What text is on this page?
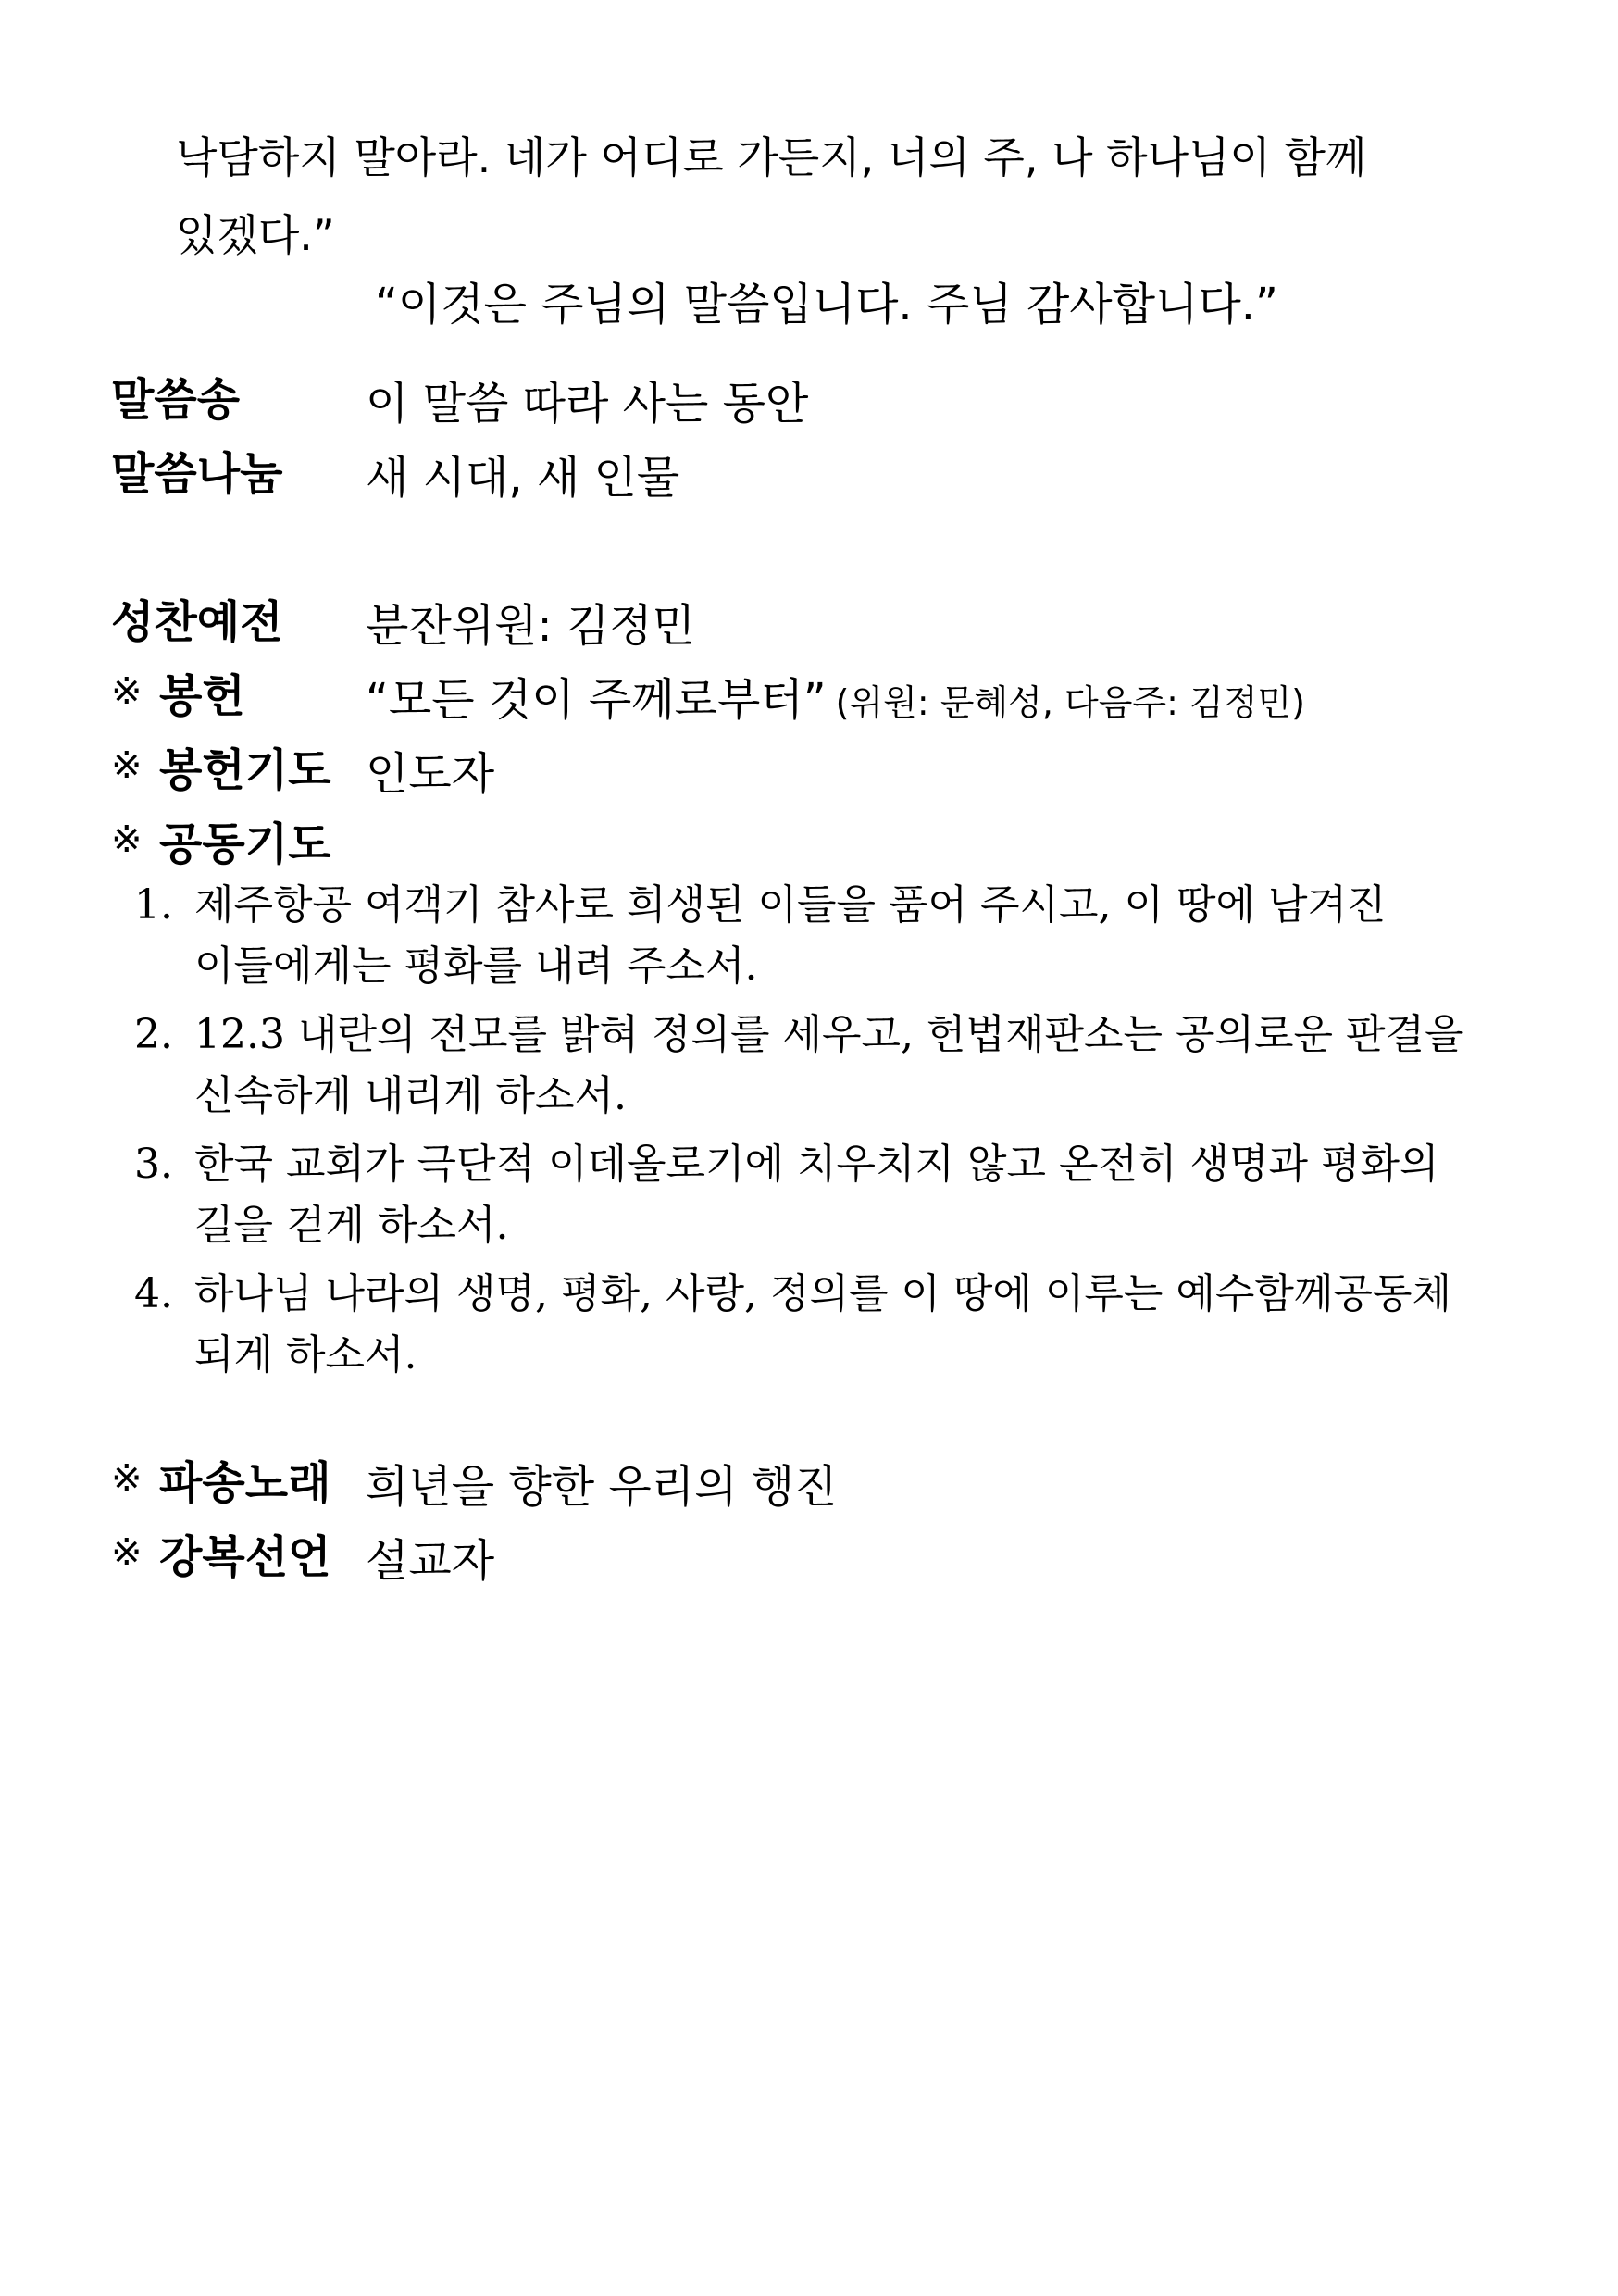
낙담하지 말아라. 네가 어디로 가든지, 너의 주, 나 하나님이 함께
있겠다.”
“이것은 주님의 말씀입니다. 주님 감사합니다.”
말씀송	이 말씀 따라 사는 동안
말씀나눔 새 시대, 새 인물
성찬예전 분잔위원: 김정민
※ 봉헌	“모든 것이 주께로부터” (위원: 문혜성, 다음주: 김정민)
※ 봉헌기도 인도자
※ 공동기도
1. 제주항공 여객기 참사로 희생된 이들을 품어 주시고, 이 땅에 남겨진
이들에게는 평화를 내려 주소서.
2. 12.3 내란의 전모를 밝혀 정의를 세우고, 헌법재판소는 공의로운 판결을
신속하게 내리게 하소서.
3. 한국 교회가 극단적 이데올로기에 치우치지 않고 온전히 생명과 평화의
길을 걷게 하소서.
4. 하나님 나라의 생명, 평화, 사랑, 정의를 이 땅에 이루는 예수함께공동체
되게 하소서.
※ 파송노래 희년을 향한 우리의 행진
※ 강복선언 설교자
